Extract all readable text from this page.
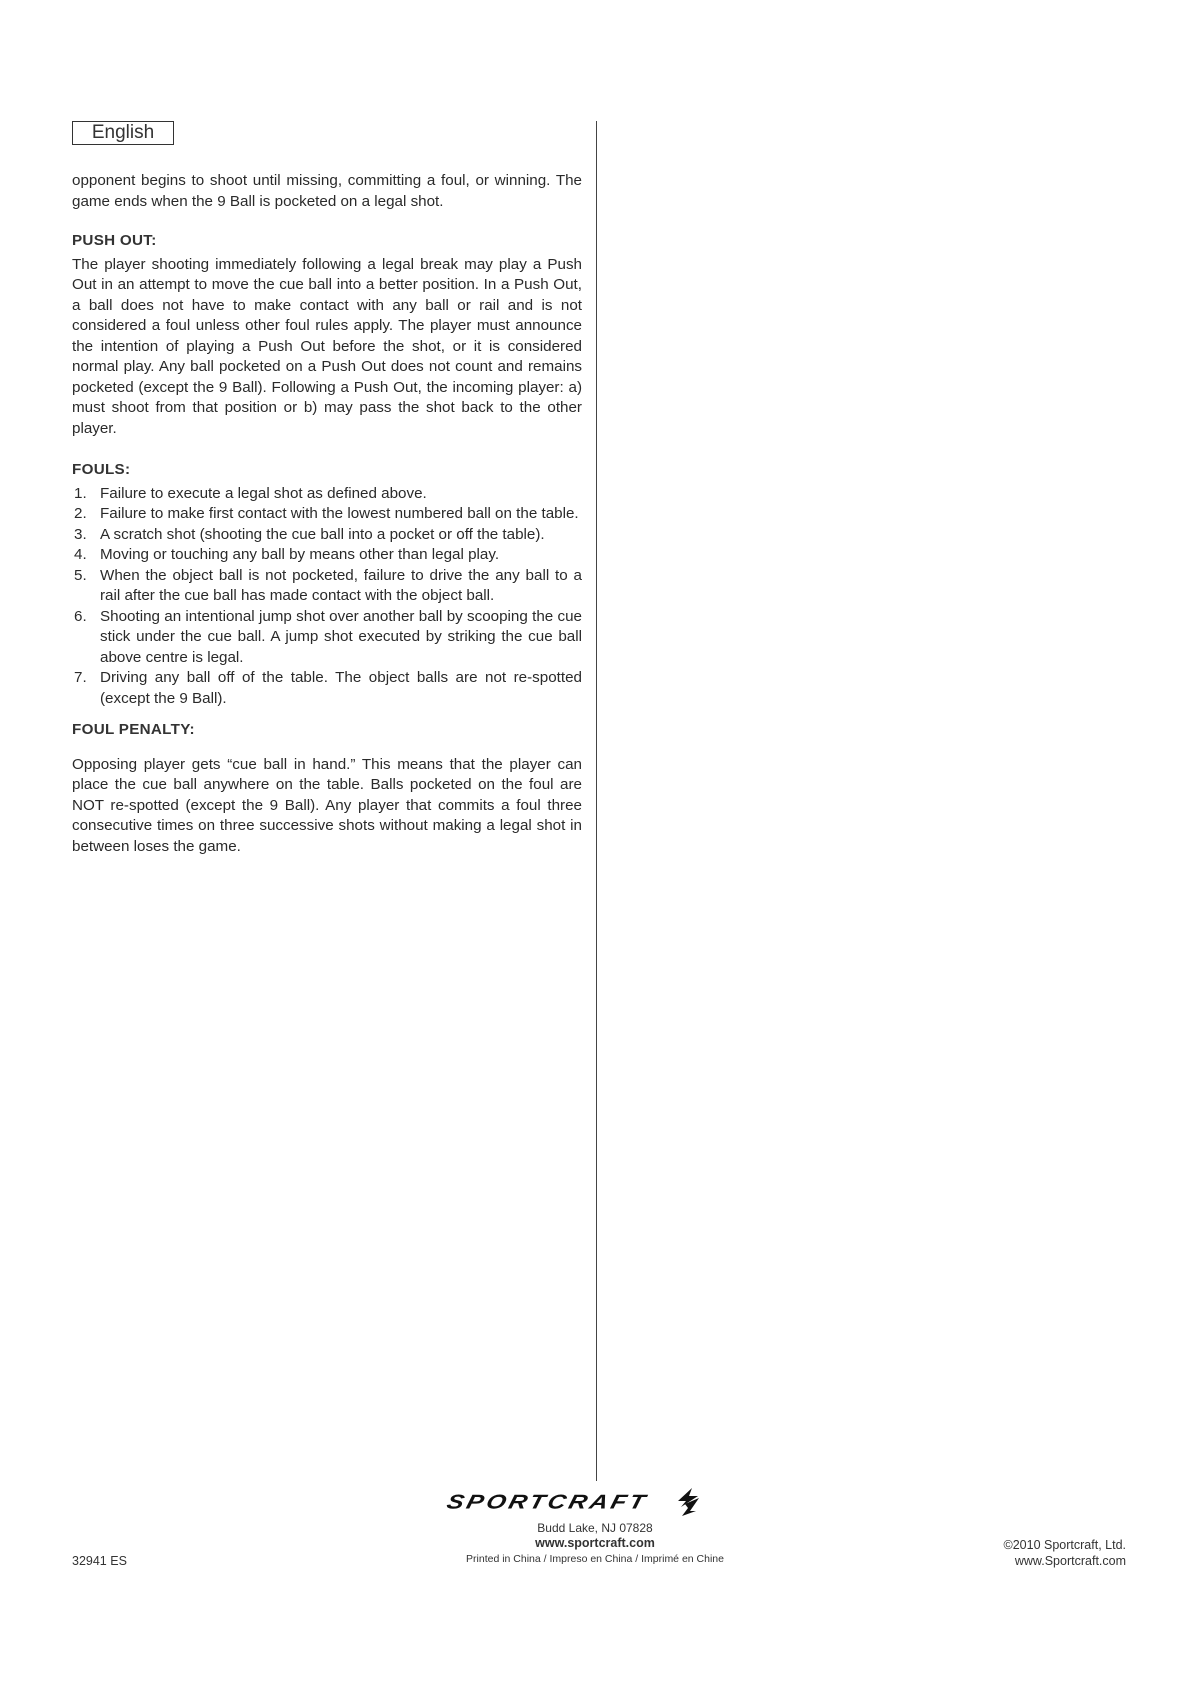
English

opponent begins to shoot until missing, committing a foul, or winning. The game ends when the 9 Ball is pocketed on a legal shot.

PUSH OUT:

The player shooting immediately following a legal break may play a Push Out in an attempt to move the cue ball into a better position. In a Push Out, a ball does not have to make contact with any ball or rail and is not considered a foul unless other foul rules apply. The player must announce the intention of playing a Push Out before the shot, or it is considered normal play. Any ball pocketed on a Push Out does not count and remains pocketed (except the 9 Ball). Following a Push Out, the incoming player: a) must shoot from that position or b) may pass the shot back to the other player.

FOULS:
1. Failure to execute a legal shot as defined above.
2. Failure to make first contact with the lowest numbered ball on the table.
3. A scratch shot (shooting the cue ball into a pocket or off the table).
4. Moving or touching any ball by means other than legal play.
5. When the object ball is not pocketed, failure to drive the any ball to a rail after the cue ball has made contact with the object ball.
6. Shooting an intentional jump shot over another ball by scooping the cue stick under the cue ball. A jump shot executed by striking the cue ball above centre is legal.
7. Driving any ball off of the table. The object balls are not re-spotted (except the 9 Ball).
FOUL PENALTY:

Opposing player gets “cue ball in hand.” This means that the player can place the cue ball anywhere on the table. Balls pocketed on the foul are NOT re-spotted (except the 9 Ball). Any player that commits a foul three consecutive times on three successive shots without making a legal shot in between loses the game.

SPORTCRAFT
Budd Lake, NJ 07828
www.sportcraft.com
Printed in China / Impreso en China / Imprimé en Chine
32941 ES
©2010 Sportcraft, Ltd.
www.Sportcraft.com
